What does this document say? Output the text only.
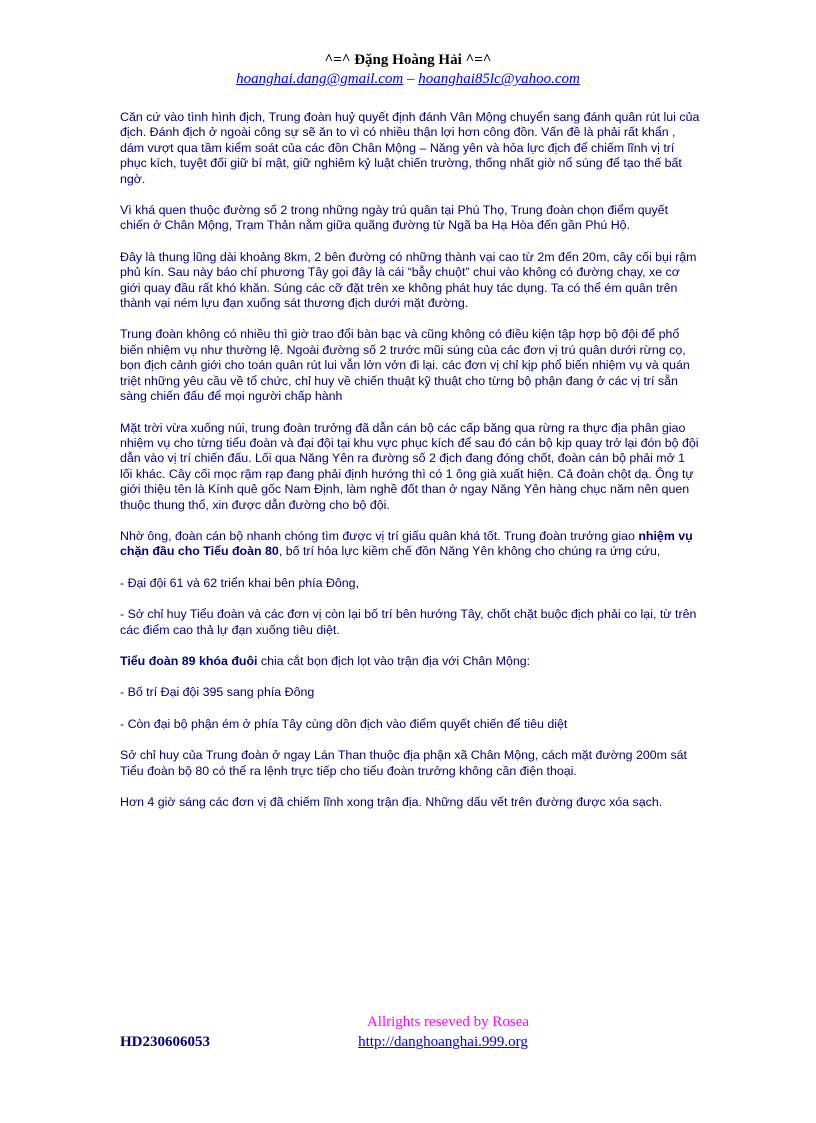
^=^ Đặng Hoàng Hải ^=^
hoanghai.dang@gmail.com – hoanghai85lc@yahoo.com

Căn cứ vào tình hình địch, Trung đoàn huỷ quyết định đánh Vân Mộng chuyển sang đánh quân rút lui của địch. Đánh địch ở ngoài công sự sẽ ăn to vì có nhiều thận lợi hơn công đồn. Vấn đề là phải rất khẩn , dám vượt qua tầm kiểm soát của các đồn Chân Mộng – Năng yên và hỏa lực địch để chiếm lĩnh vị trí phục kích, tuyệt đối giữ bí mật, giữ nghiêm kỷ luật chiến trường, thống nhất giờ nổ súng để tạo thế bất ngờ.

Vì khá quen thuộc đường số 2 trong những ngày trú quân tại Phú Thọ, Trung đoàn chọn điểm quyết chiến ở Chân Mộng, Trạm Thản nằm giữa quãng đường từ Ngã ba Hạ Hòa đến gần Phú Hộ.

Đây là thung lũng dài khoảng 8km, 2 bên đường có những thành vại cao từ 2m đến 20m, cây cối bụi rậm phủ kín. Sau này báo chí phương Tây gọi đây là cái “bẫy chuột” chui vào không có đường chạy, xe cơ giới quay đầu rất khó khăn. Súng các cỡ đặt trên xe không phát huy tác dụng. Ta có thể ém quân trên thành vại ném lựu đạn xuống sát thương địch dưới mặt đường.

Trung đoàn không có nhiều thì giờ trao đổi bàn bạc và cũng không có điều kiện tập hợp bộ đội để phổ biến nhiệm vụ như thường lệ. Ngoài đường số 2 trước mũi súng của các đơn vị trú quân dưới rừng cọ, bọn địch cảnh giới cho toán quân rút lui vẫn lởn vởn đi lại. các đơn vị chỉ kịp phổ biến nhiệm vụ và quán triệt những yêu cầu về tổ chức, chỉ huy về chiến thuật kỹ thuật cho từng bộ phận đang ở các vị trí sẵn sàng chiến đấu để mọi người chấp hành

Mặt trời vừa xuống núi, trung đoàn trưởng đã dẫn cán bộ các cấp băng qua rừng ra thực địa phân giao nhiệm vụ cho từng tiểu đoàn và đại đội tại khu vực phục kích để sau đó cán bộ kịp quay trở lại đón bộ đội dẫn vào vị trí chiến đấu. Lối qua Năng Yên ra đường số 2 địch đang đóng chốt, đoàn cán bộ phải mở 1 lối khác. Cây cối mọc rậm rạp đang phải định hướng thì có 1 ông già xuất hiện. Cả đoàn chột dạ. Ông tự giới thiệu tên là Kính quê gốc Nam Định, làm nghề đốt than ở ngay Năng Yên hàng chục năm nên quen thuộc thung thổ, xin được dẫn đường cho bộ đội.

Nhờ ông, đoàn cán bộ nhanh chóng tìm được vị trí giấu quân khá tốt. Trung đoàn trưởng giao nhiệm vụ chặn đầu cho Tiểu đoàn 80, bố trí hỏa lực kiềm chế đồn Năng Yên không cho chúng ra ứng cứu,

- Đại đội 61 và 62 triển khai bên phía Đông,

- Sở chỉ huy Tiểu đoàn và các đơn vị còn lại bố trí bên hướng Tây, chốt chặt buộc địch phải co lại, từ trên các điểm cao thả lự đạn xuống tiêu diệt.

Tiểu đoàn 89 khóa đuôi chia cắt bọn địch lọt vào trận địa với Chân Mộng:

- Bố trí Đại đội 395 sang phía Đông

- Còn đại bộ phận ém ở phía Tây cùng dồn địch vào điểm quyết chiến để tiêu diệt

Sở chỉ huy của Trung đoàn ở ngay Lán Than thuộc địa phận xã Chân Mộng, cách mặt đường 200m sát Tiểu đoàn bộ 80 có thể ra lệnh trực tiếp cho tiểu đoàn trưởng không cần điện thoại.

Hơn 4 giờ sáng các đơn vị đã chiếm lĩnh xong trận địa. Những dấu vết trên đường được xóa sạch.

Allrights reseved by Rosea
HD230606053	http://danghoanghai.999.org
